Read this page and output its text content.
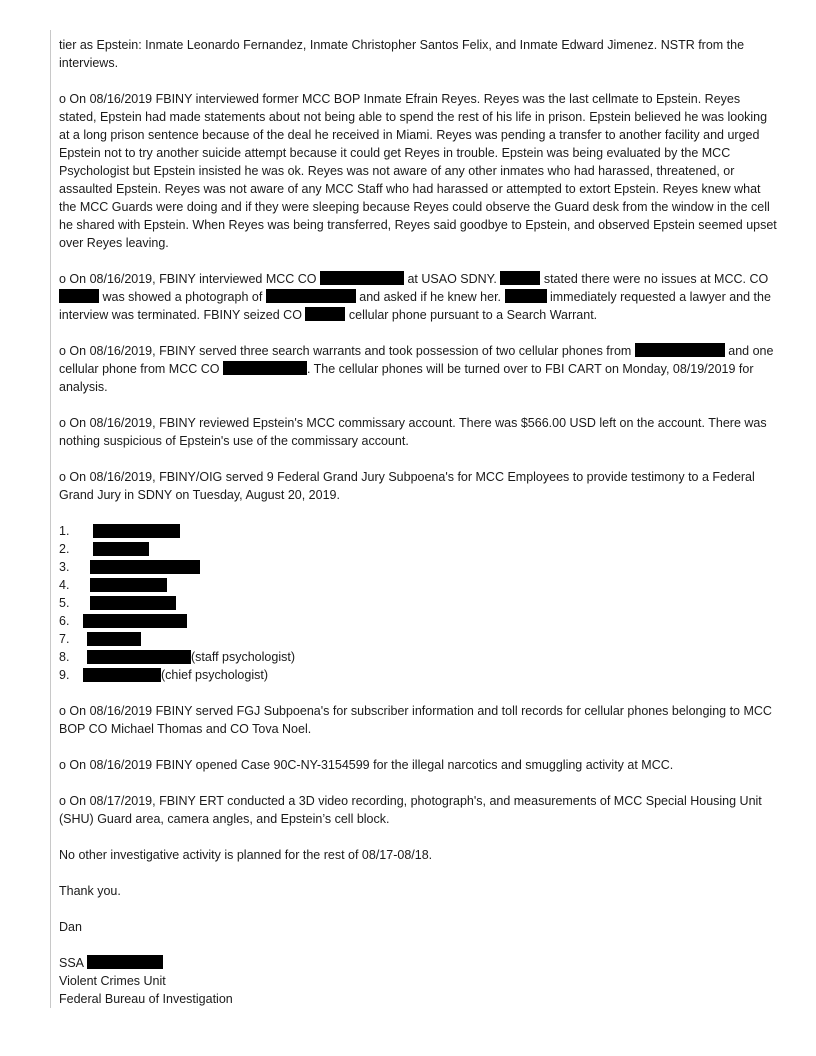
tier as Epstein: Inmate Leonardo Fernandez, Inmate Christopher Santos Felix, and Inmate Edward Jimenez. NSTR from the interviews.

o On 08/16/2019 FBINY interviewed former MCC BOP Inmate Efrain Reyes. Reyes was the last cellmate to Epstein. Reyes stated, Epstein had made statements about not being able to spend the rest of his life in prison. Epstein believed he was looking at a long prison sentence because of the deal he received in Miami. Reyes was pending a transfer to another facility and urged Epstein not to try another suicide attempt because it could get Reyes in trouble. Epstein was being evaluated by the MCC Psychologist but Epstein insisted he was ok. Reyes was not aware of any other inmates who had harassed, threatened, or assaulted Epstein. Reyes was not aware of any MCC Staff who had harassed or attempted to extort Epstein. Reyes knew what the MCC Guards were doing and if they were sleeping because Reyes could observe the Guard desk from the window in the cell he shared with Epstein. When Reyes was being transferred, Reyes said goodbye to Epstein, and observed Epstein seemed upset over Reyes leaving.

o On 08/16/2019, FBINY interviewed MCC CO	at USAO SDNY.	stated there were no issues at MCC. CO  was showed a photograph of	and asked if he knew her.	immediately requested a lawyer and the interview was terminated. FBINY seized CO	cellular phone pursuant to a Search Warrant.

o On 08/16/2019, FBINY served three search warrants and took possession of two cellular phones from	and one cellular phone from MCC CO	. The cellular phones will be turned over to FBI CART on Monday, 08/19/2019 for analysis.

o On 08/16/2019, FBINY reviewed Epstein's MCC commissary account. There was $566.00 USD left on the account. There was nothing suspicious of Epstein's use of the commissary account.

o On 08/16/2019, FBINY/OIG served 9 Federal Grand Jury Subpoena's for MCC Employees to provide testimony to a Federal Grand Jury in SDNY on Tuesday, August 20, 2019.

1.
2.
3.
4.
5.
6.
7.
8.	(staff psychologist)
9.	(chief psychologist)

o On 08/16/2019 FBINY served FGJ Subpoena's for subscriber information and toll records for cellular phones belonging to MCC BOP CO Michael Thomas and CO Tova Noel.

o On 08/16/2019 FBINY opened Case 90C-NY-3154599 for the illegal narcotics and smuggling activity at MCC.

o On 08/17/2019, FBINY ERT conducted a 3D video recording, photograph's, and measurements of MCC Special Housing Unit (SHU) Guard area, camera angles, and Epstein’s cell block.

No other investigative activity is planned for the rest of 08/17-08/18.

Thank you.

Dan

SSA
Violent Crimes Unit
Federal Bureau of Investigation
